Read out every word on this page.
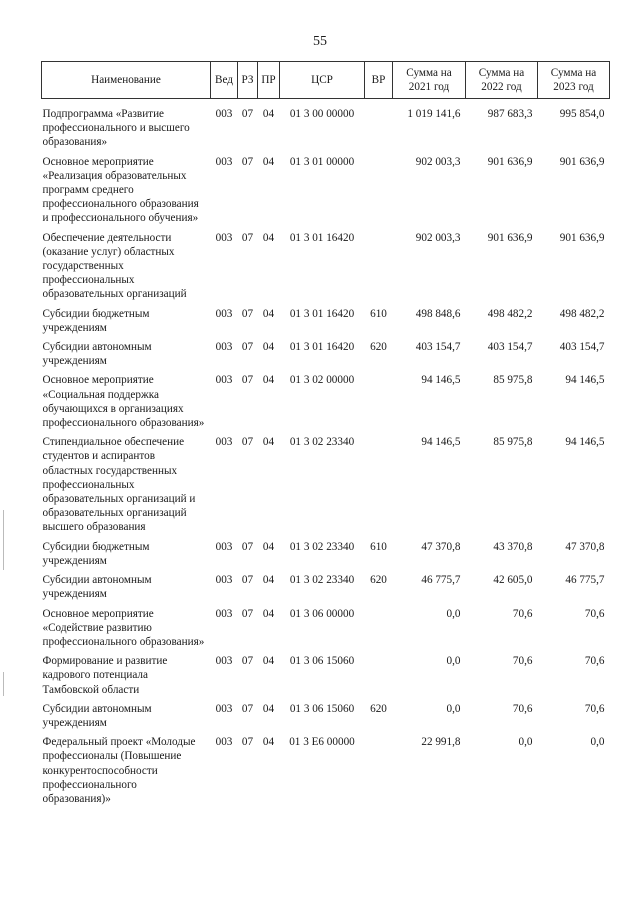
55
Наименование	Вед	РЗ	ПР	ЦСР	ВР	Сумма на 2021 год	Сумма на 2022 год	Сумма на 2023 год

Подпрограмма «Развитие профессионального и высшего образования»	003	07	04	01 3 00 00000		1 019 141,6	987 683,3	995 854,0

Основное мероприятие «Реализация образовательных программ среднего профессионального образования и профессионального обучения»	003	07	04	01 3 01 00000		902 003,3	901 636,9	901 636,9

Обеспечение деятельности (оказание услуг) областных государственных профессиональных образовательных организаций	003	07	04	01 3 01 16420		902 003,3	901 636,9	901 636,9

Субсидии бюджетным учреждениям	003	07	04	01 3 01 16420	610	498 848,6	498 482,2	498 482,2

Субсидии автономным учреждениям	003	07	04	01 3 01 16420	620	403 154,7	403 154,7	403 154,7

Основное мероприятие «Социальная поддержка обучающихся в организациях профессионального образования»	003	07	04	01 3 02 00000		94 146,5	85 975,8	94 146,5

Стипендиальное обеспечение студентов и аспирантов областных государственных профессиональных образовательных организаций и образовательных организаций высшего образования	003	07	04	01 3 02 23340		94 146,5	85 975,8	94 146,5

Субсидии бюджетным учреждениям	003	07	04	01 3 02 23340	610	47 370,8	43 370,8	47 370,8

Субсидии автономным учреждениям	003	07	04	01 3 02 23340	620	46 775,7	42 605,0	46 775,7

Основное мероприятие «Содействие развитию профессионального образования»	003	07	04	01 3 06 00000		0,0	70,6	70,6

Формирование и развитие кадрового потенциала Тамбовской области	003	07	04	01 3 06 15060		0,0	70,6	70,6

Субсидии автономным учреждениям	003	07	04	01 3 06 15060	620	0,0	70,6	70,6

Федеральный проект «Молодые профессионалы (Повышение конкурентоспособности профессионального образования)»	003	07	04	01 3 E6 00000		22 991,8	0,0	0,0
